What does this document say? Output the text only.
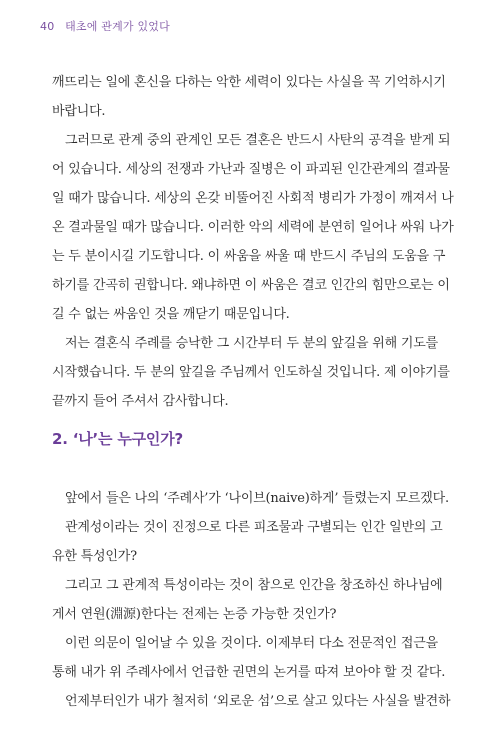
40 태초에 관계가 있었다

깨뜨리는 일에 혼신을 다하는 악한 세력이 있다는 사실을 꼭 기억하시기 바랍니다.

그러므로 관계 중의 관계인 모든 결혼은 반드시 사탄의 공격을 받게 되어 있습니다. 세상의 전쟁과 가난과 질병은 이 파괴된 인간관계의 결과물일 때가 많습니다. 세상의 온갖 비뚤어진 사회적 병리가 가정이 깨져서 나온 결과물일 때가 많습니다. 이러한 악의 세력에 분연히 일어나 싸워 나가는 두 분이시길 기도합니다. 이 싸움을 싸울 때 반드시 주님의 도움을 구하기를 간곡히 권합니다. 왜냐하면 이 싸움은 결코 인간의 힘만으로는 이길 수 없는 싸움인 것을 깨닫기 때문입니다.

저는 결혼식 주례를 승낙한 그 시간부터 두 분의 앞길을 위해 기도를 시작했습니다. 두 분의 앞길을 주님께서 인도하실 것입니다. 제 이야기를 끝까지 들어 주셔서 감사합니다.

2. ‘나’는 누구인가?

앞에서 들은 나의 ‘주례사’가 ‘나이브(naive)하게’ 들렸는지 모르겠다.

관계성이라는 것이 진정으로 다른 피조물과 구별되는 인간 일반의 고유한 특성인가?

그리고 그 관계적 특성이라는 것이 참으로 인간을 창조하신 하나님에게서 연원(淵源)한다는 전제는 논증 가능한 것인가?

이런 의문이 일어날 수 있을 것이다. 이제부터 다소 전문적인 접근을 통해 내가 위 주례사에서 언급한 권면의 논거를 따져 보아야 할 것 같다.

언제부터인가 내가 철저히 ‘외로운 섬’으로 살고 있다는 사실을 발견하
